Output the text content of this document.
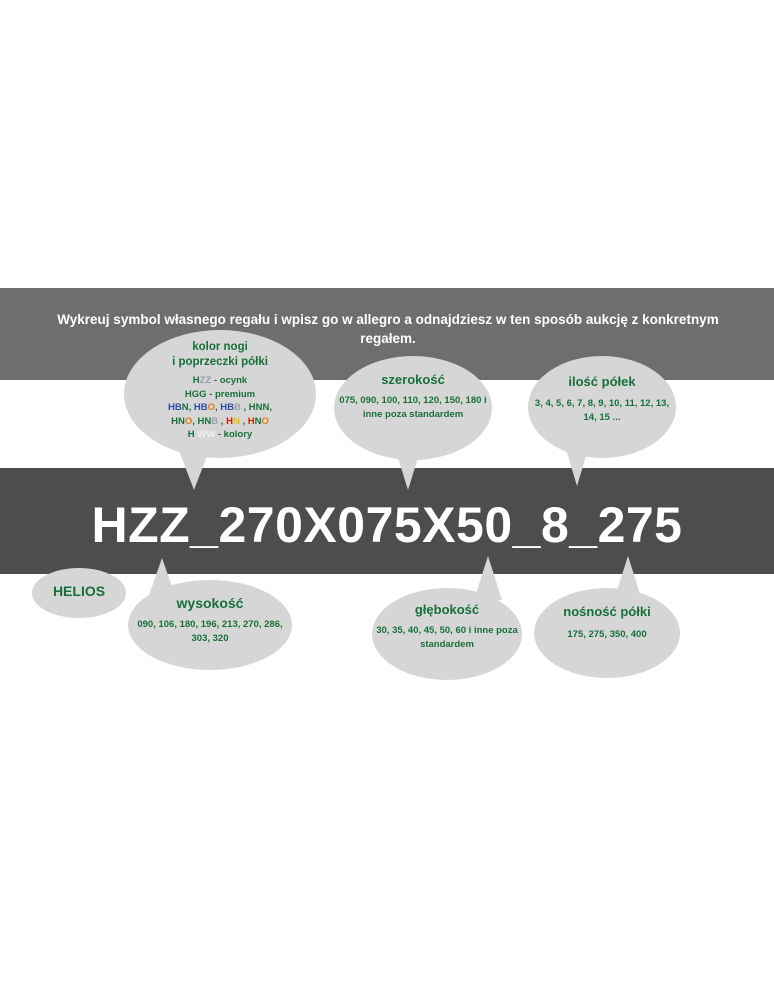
Wykreuj symbol własnego regału i wpisz go w allegro a odnajdziesz w ten sposób aukcję z konkretnym regałem.
HZZ_270X075X50_8_275
kolor nogi
i poprzeczki półki
HZZ - ocynk
HGG - premium
HBN, HBO, HBB , HNN,
HNO, HNB , HN , HNO
H WW - kolory
szerokość
075, 090, 100, 110, 120, 150, 180 i inne poza standardem
ilość półek
3, 4, 5, 6, 7, 8, 9, 10, 11, 12, 13, 14, 15 ...
HELIOS
wysokość
090, 106, 180, 196, 213, 270, 286, 303, 320
głębokość
30, 35, 40, 45, 50, 60 i inne poza standardem
nośność półki
175, 275, 350, 400
